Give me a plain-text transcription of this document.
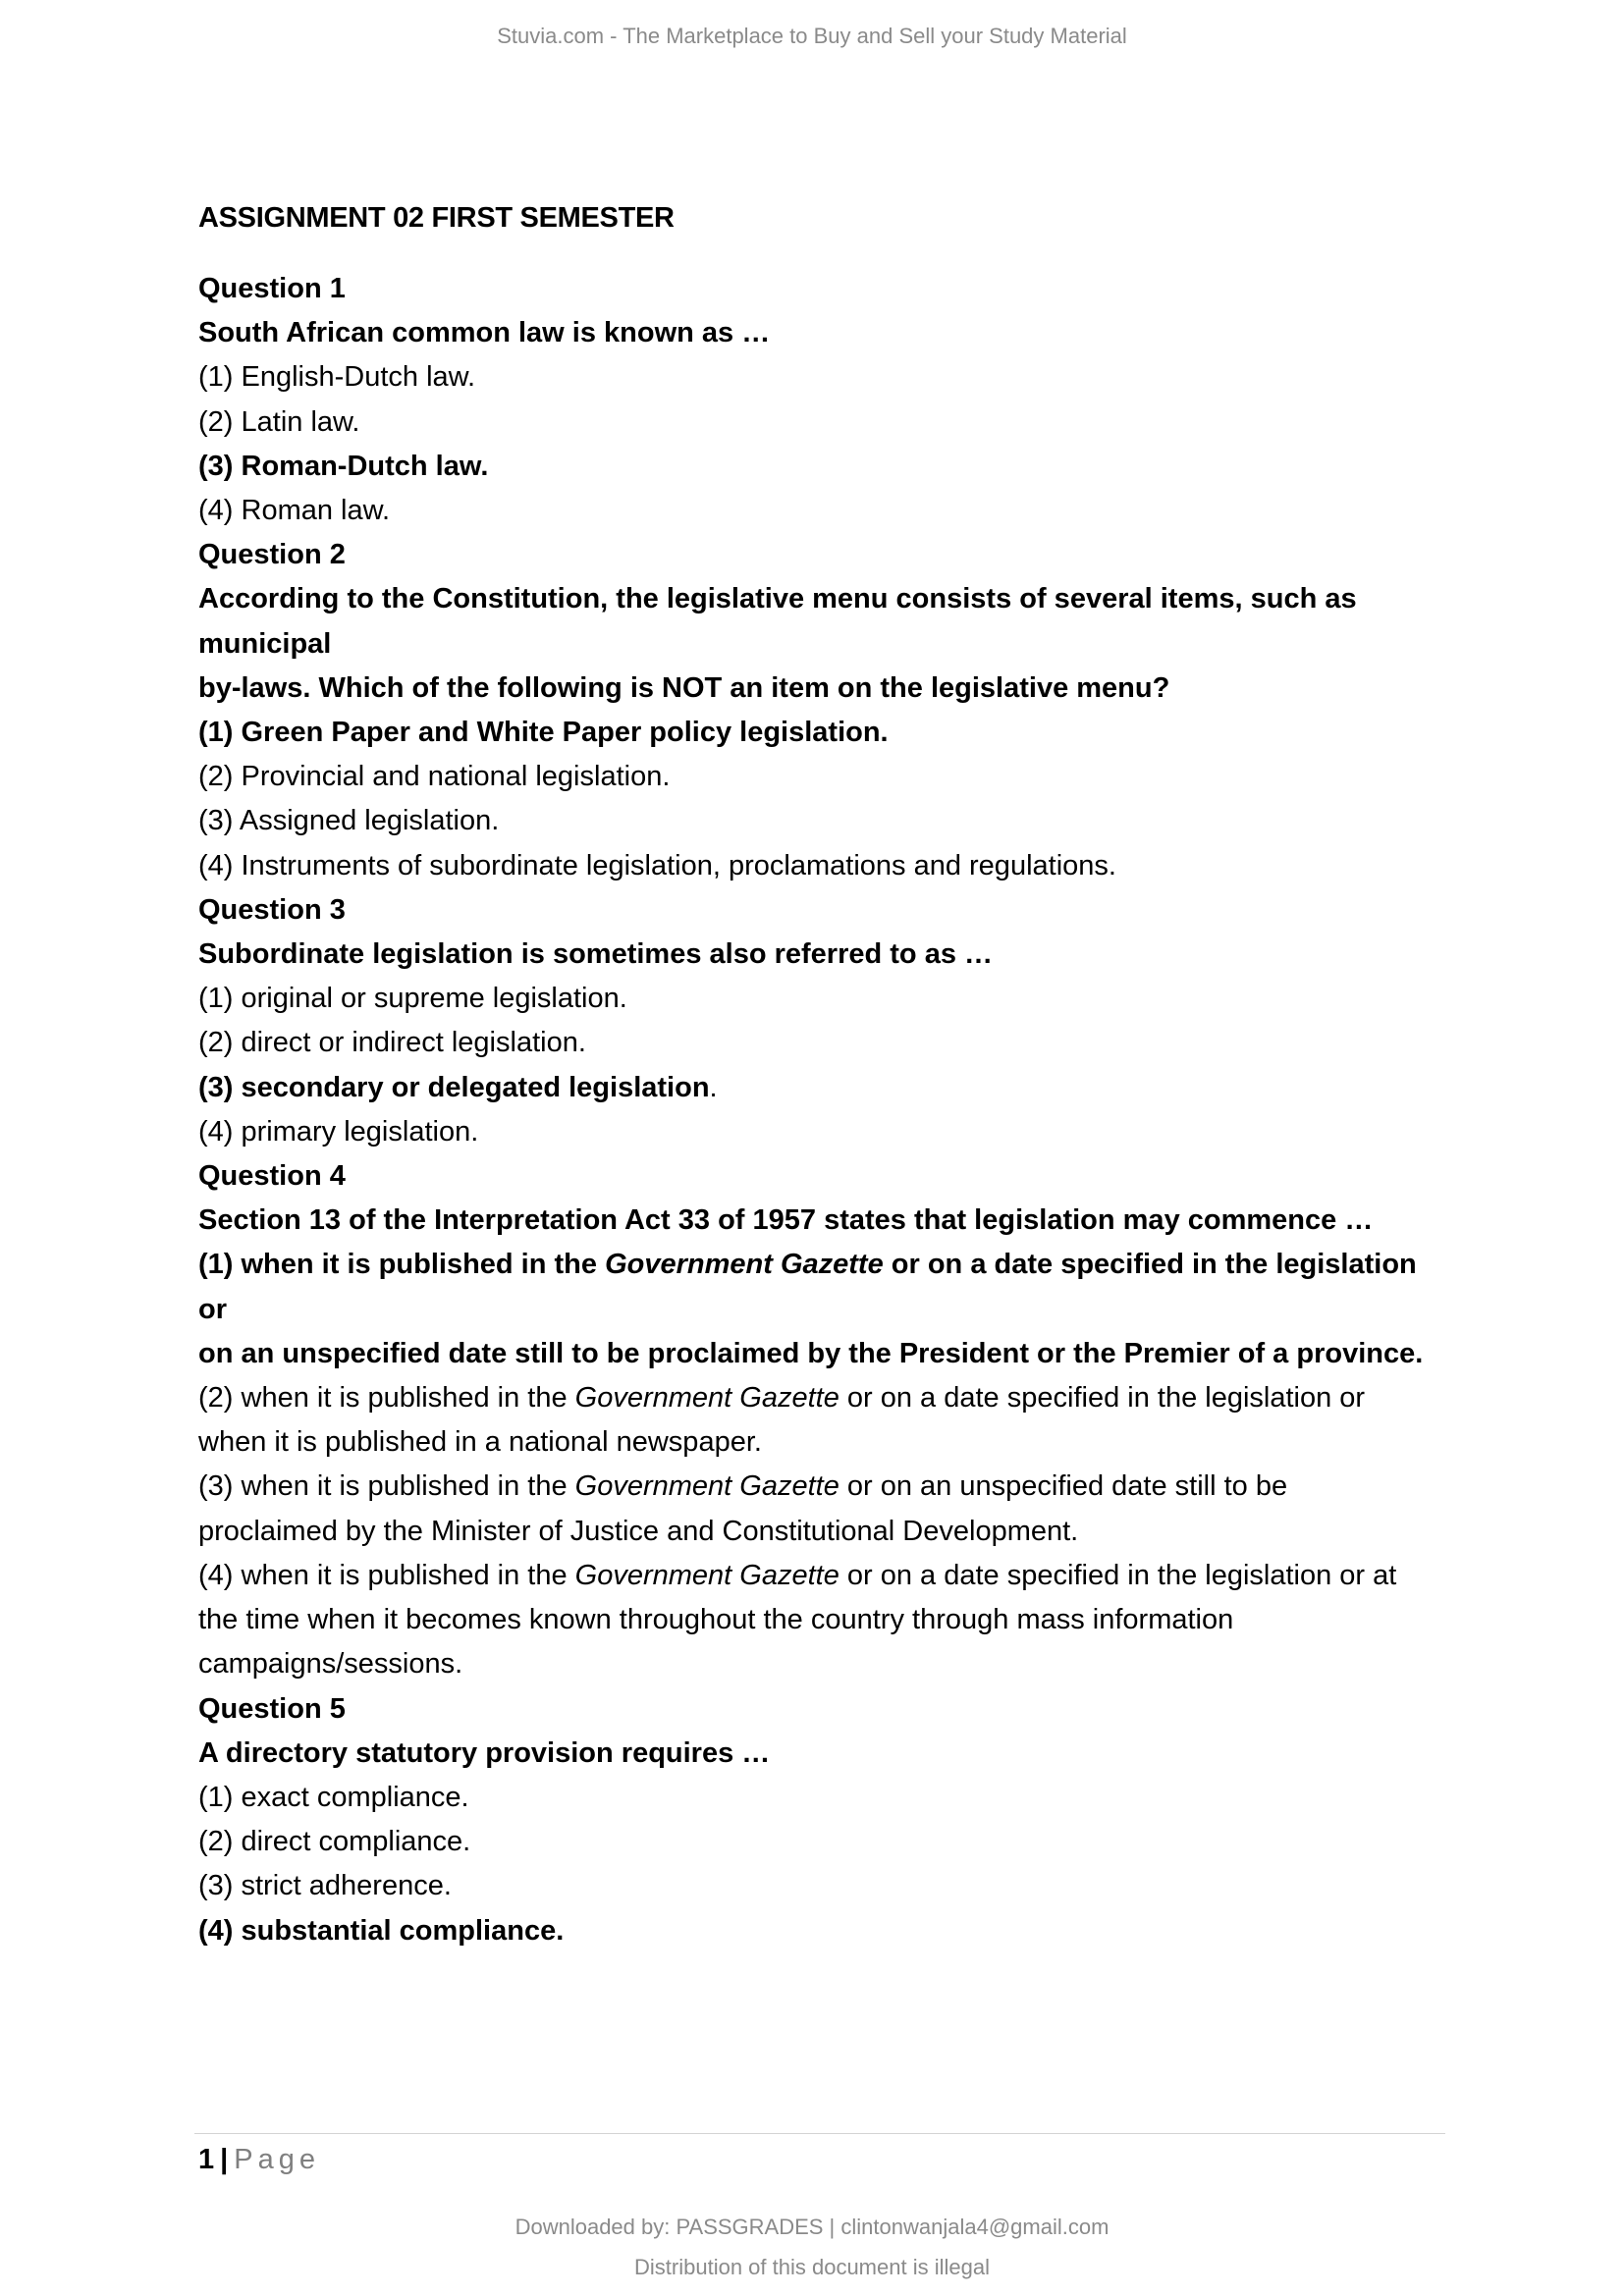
Stuvia.com - The Marketplace to Buy and Sell your Study Material

ASSIGNMENT 02 FIRST SEMESTER

Question 1

South African common law is known as …

(1) English-Dutch law.

(2) Latin law.

(3) Roman-Dutch law.

(4) Roman law.

Question 2

According to the Constitution, the legislative menu consists of several items, such as municipal

by-laws. Which of the following is NOT an item on the legislative menu?

(1) Green Paper and White Paper policy legislation.

(2) Provincial and national legislation.

(3) Assigned legislation.

(4) Instruments of subordinate legislation, proclamations and regulations.

Question 3

Subordinate legislation is sometimes also referred to as …

(1) original or supreme legislation.

(2) direct or indirect legislation.

(3) secondary or delegated legislation.

(4) primary legislation.

Question 4

Section 13 of the Interpretation Act 33 of 1957 states that legislation may commence …

(1) when it is published in the Government Gazette or on a date specified in the legislation or

on an unspecified date still to be proclaimed by the President or the Premier of a province.

(2) when it is published in the Government Gazette or on a date specified in the legislation or

when it is published in a national newspaper.

(3) when it is published in the Government Gazette or on an unspecified date still to be

proclaimed by the Minister of Justice and Constitutional Development.

(4) when it is published in the Government Gazette or on a date specified in the legislation or at

the time when it becomes known throughout the country through mass information

campaigns/sessions.

Question 5

A directory statutory provision requires …

(1) exact compliance.

(2) direct compliance.

(3) strict adherence.

(4) substantial compliance.

1 | Page
Downloaded by: PASSGRADES | clintonwanjala4@gmail.com
Distribution of this document is illegal
